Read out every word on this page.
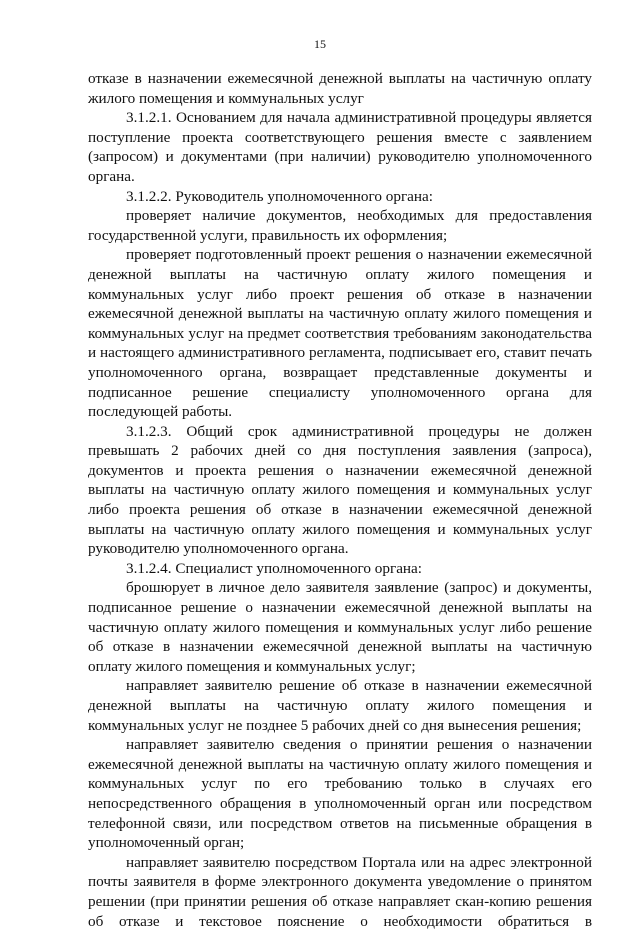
15

отказе в назначении ежемесячной денежной выплаты на частичную оплату жилого помещения и коммунальных услуг

3.1.2.1. Основанием для начала административной процедуры является поступление проекта соответствующего решения вместе с заявлением (запросом) и документами (при наличии) руководителю уполномоченного органа.

3.1.2.2. Руководитель уполномоченного органа:

проверяет наличие документов, необходимых для предоставления государственной услуги, правильность их оформления;

проверяет подготовленный проект решения о назначении ежемесячной денежной выплаты на частичную оплату жилого помещения и коммунальных услуг либо проект решения об отказе в назначении ежемесячной денежной выплаты на частичную оплату жилого помещения и коммунальных услуг на предмет соответствия требованиям законодательства и настоящего административного регламента, подписывает его, ставит печать уполномоченного органа, возвращает представленные документы и подписанное решение специалисту уполномоченного органа для последующей работы.

3.1.2.3. Общий срок административной процедуры не должен превышать 2 рабочих дней со дня поступления заявления (запроса), документов и проекта решения о назначении ежемесячной денежной выплаты на частичную оплату жилого помещения и коммунальных услуг либо проекта решения об отказе в назначении ежемесячной денежной выплаты на частичную оплату жилого помещения и коммунальных услуг руководителю уполномоченного органа.

3.1.2.4. Специалист уполномоченного органа:

брошюрует в личное дело заявителя заявление (запрос) и документы, подписанное решение о назначении ежемесячной денежной выплаты на частичную оплату жилого помещения и коммунальных услуг либо решение об отказе в назначении ежемесячной денежной выплаты на частичную оплату жилого помещения и коммунальных услуг;

направляет заявителю решение об отказе в назначении ежемесячной денежной выплаты на частичную оплату жилого помещения и коммунальных услуг не позднее 5 рабочих дней со дня вынесения решения;

направляет заявителю сведения о принятии решения о назначении ежемесячной денежной выплаты на частичную оплату жилого помещения и коммунальных услуг по его требованию только в случаях его непосредственного обращения в уполномоченный орган или посредством телефонной связи, или посредством ответов на письменные обращения в уполномоченный орган;

направляет заявителю посредством Портала или на адрес электронной почты заявителя в форме электронного документа уведомление о принятом решении (при принятии решения об отказе направляет скан-копию решения об отказе и текстовое пояснение о необходимости обратиться в
